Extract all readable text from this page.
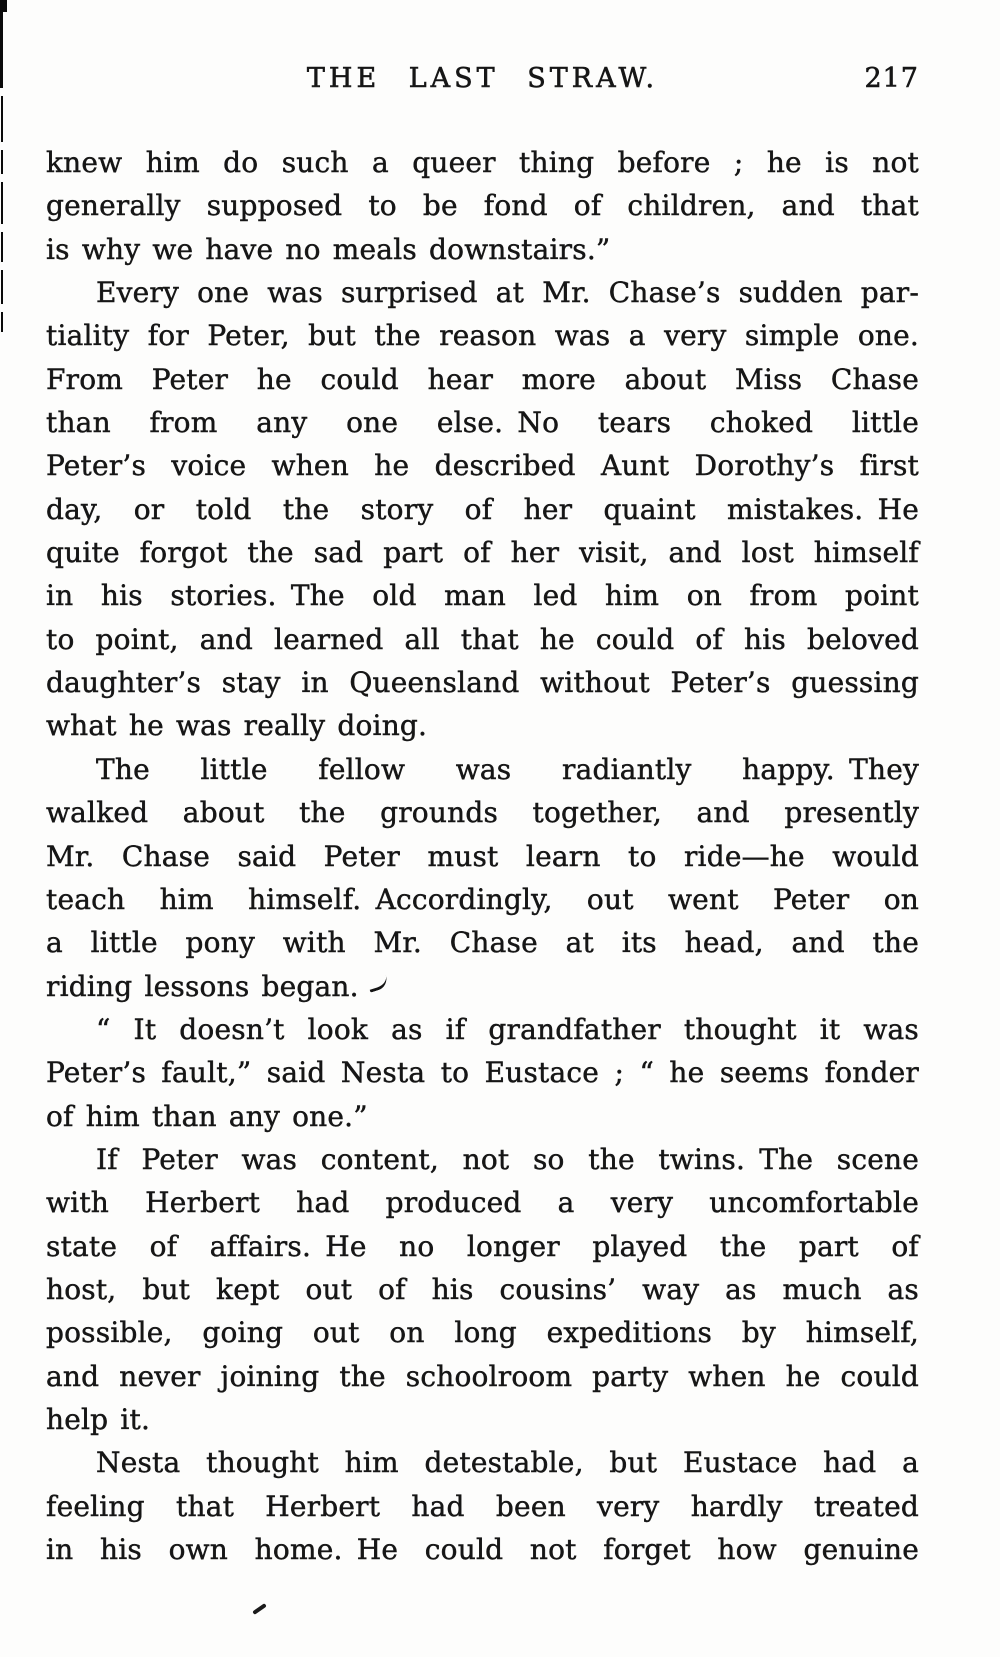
THE LAST STRAW.	217
knew him do such a queer thing before ; he is not
generally supposed to be fond of children, and that
is why we have no meals downstairs.”
Every one was surprised at Mr. Chase’s sudden par-
tiality for Peter, but the reason was a very simple one.
From Peter he could hear more about Miss Chase
than from any one else. No tears choked little
Peter’s voice when he described Aunt Dorothy’s first
day, or told the story of her quaint mistakes. He
quite forgot the sad part of her visit, and lost himself
in his stories. The old man led him on from point
to point, and learned all that he could of his beloved
daughter’s stay in Queensland without Peter’s guessing
what he was really doing.
The little fellow was radiantly happy. They
walked about the grounds together, and presently
Mr. Chase said Peter must learn to ride—he would
teach him himself. Accordingly, out went Peter on
a little pony with Mr. Chase at its head, and the
riding lessons began.
“ It doesn’t look as if grandfather thought it was
Peter’s fault,” said Nesta to Eustace ; “ he seems fonder
of him than any one.”
If Peter was content, not so the twins. The scene
with Herbert had produced a very uncomfortable
state of affairs. He no longer played the part of
host, but kept out of his cousins’ way as much as
possible, going out on long expeditions by himself,
and never joining the schoolroom party when he could
help it.
Nesta thought him detestable, but Eustace had a
feeling that Herbert had been very hardly treated
in his own home. He could not forget how genuine
